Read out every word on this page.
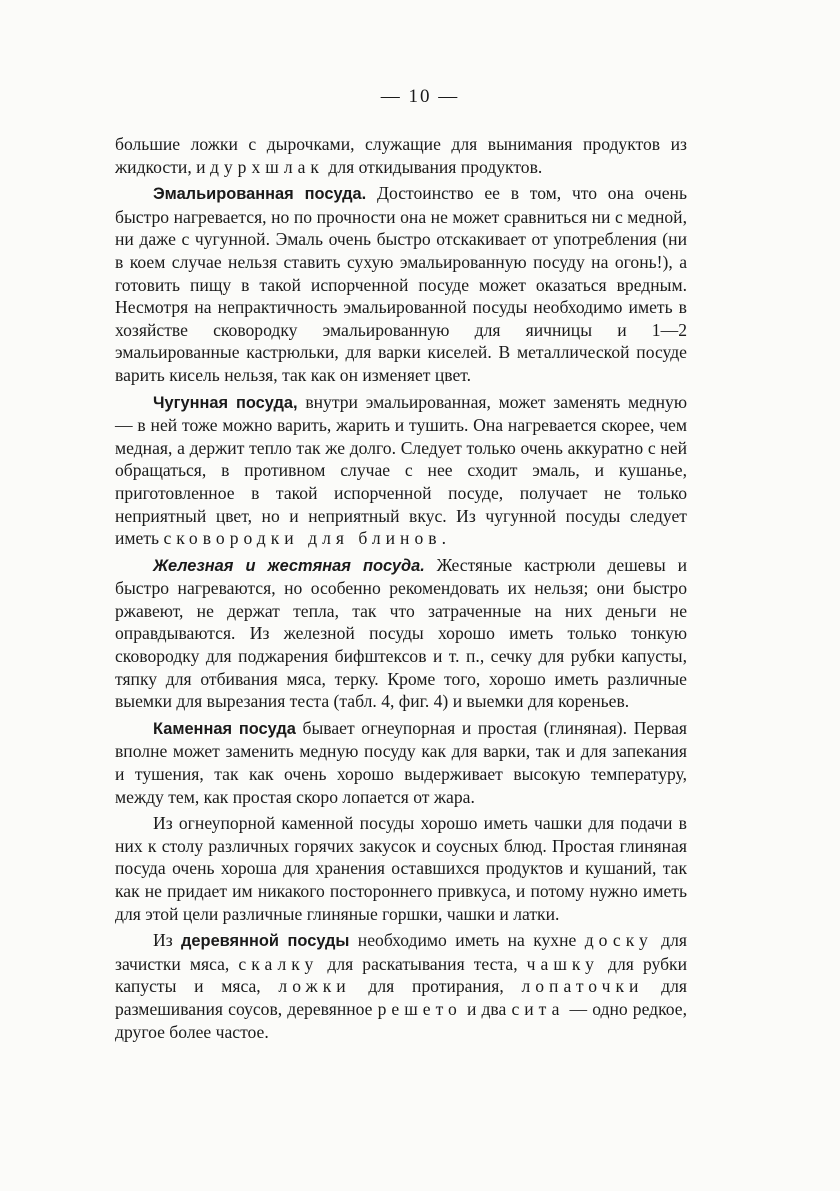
— 10 —

большие ложки с дырочками, служащие для вынимания продуктов из жидкости, и дурхшлак для откидывания продуктов.

Эмальированная посуда. Достоинство ее в том, что она очень быстро нагревается, но по прочности она не может сравниться ни с медной, ни даже с чугунной. Эмаль очень быстро отскакивает от употребления (ни в коем случае нельзя ставить сухую эмальированную посуду на огонь!), а готовить пищу в такой испорченной посуде может оказаться вредным. Несмотря на непрактичность эмальированной посуды необходимо иметь в хозяйстве сковородку эмальированную для яичницы и 1—2 эмальированные кастрюльки, для варки киселей. В металлической посуде варить кисель нельзя, так как он изменяет цвет.

Чугунная посуда, внутри эмальированная, может заменять медную — в ней тоже можно варить, жарить и тушить. Она нагревается скорее, чем медная, а держит тепло так же долго. Следует только очень аккуратно с ней обращаться, в противном случае с нее сходит эмаль, и кушанье, приготовленное в такой испорченной посуде, получает не только неприятный цвет, но и неприятный вкус. Из чугунной посуды следует иметь сковородки для блинов.

Железная и жестяная посуда. Жестяные кастрюли дешевы и быстро нагреваются, но особенно рекомендовать их нельзя; они быстро ржавеют, не держат тепла, так что затраченные на них деньги не оправдываются. Из железной посуды хорошо иметь только тонкую сковородку для поджарения бифштексов и т. п., сечку для рубки капусты, тяпку для отбивания мяса, терку. Кроме того, хорошо иметь различные выемки для вырезания теста (табл. 4, фиг. 4) и выемки для кореньев.

Каменная посуда бывает огнеупорная и простая (глиняная). Первая вполне может заменить медную посуду как для варки, так и для запекания и тушения, так как очень хорошо выдерживает высокую температуру, между тем, как простая скоро лопается от жара.

Из огнеупорной каменной посуды хорошо иметь чашки для подачи в них к столу различных горячих закусок и соусных блюд. Простая глиняная посуда очень хороша для хранения оставшихся продуктов и кушаний, так как не придает им никакого постороннего привкуса, и потому нужно иметь для этой цели различные глиняные горшки, чашки и латки.

Из деревянной посуды необходимо иметь на кухне доску для зачистки мяса, скалку для раскатывания теста, чашку для рубки капусты и мяса, ложки для протирания, лопаточки для размешивания соусов, деревянное решето и два сита — одно редкое, другое более частое.
